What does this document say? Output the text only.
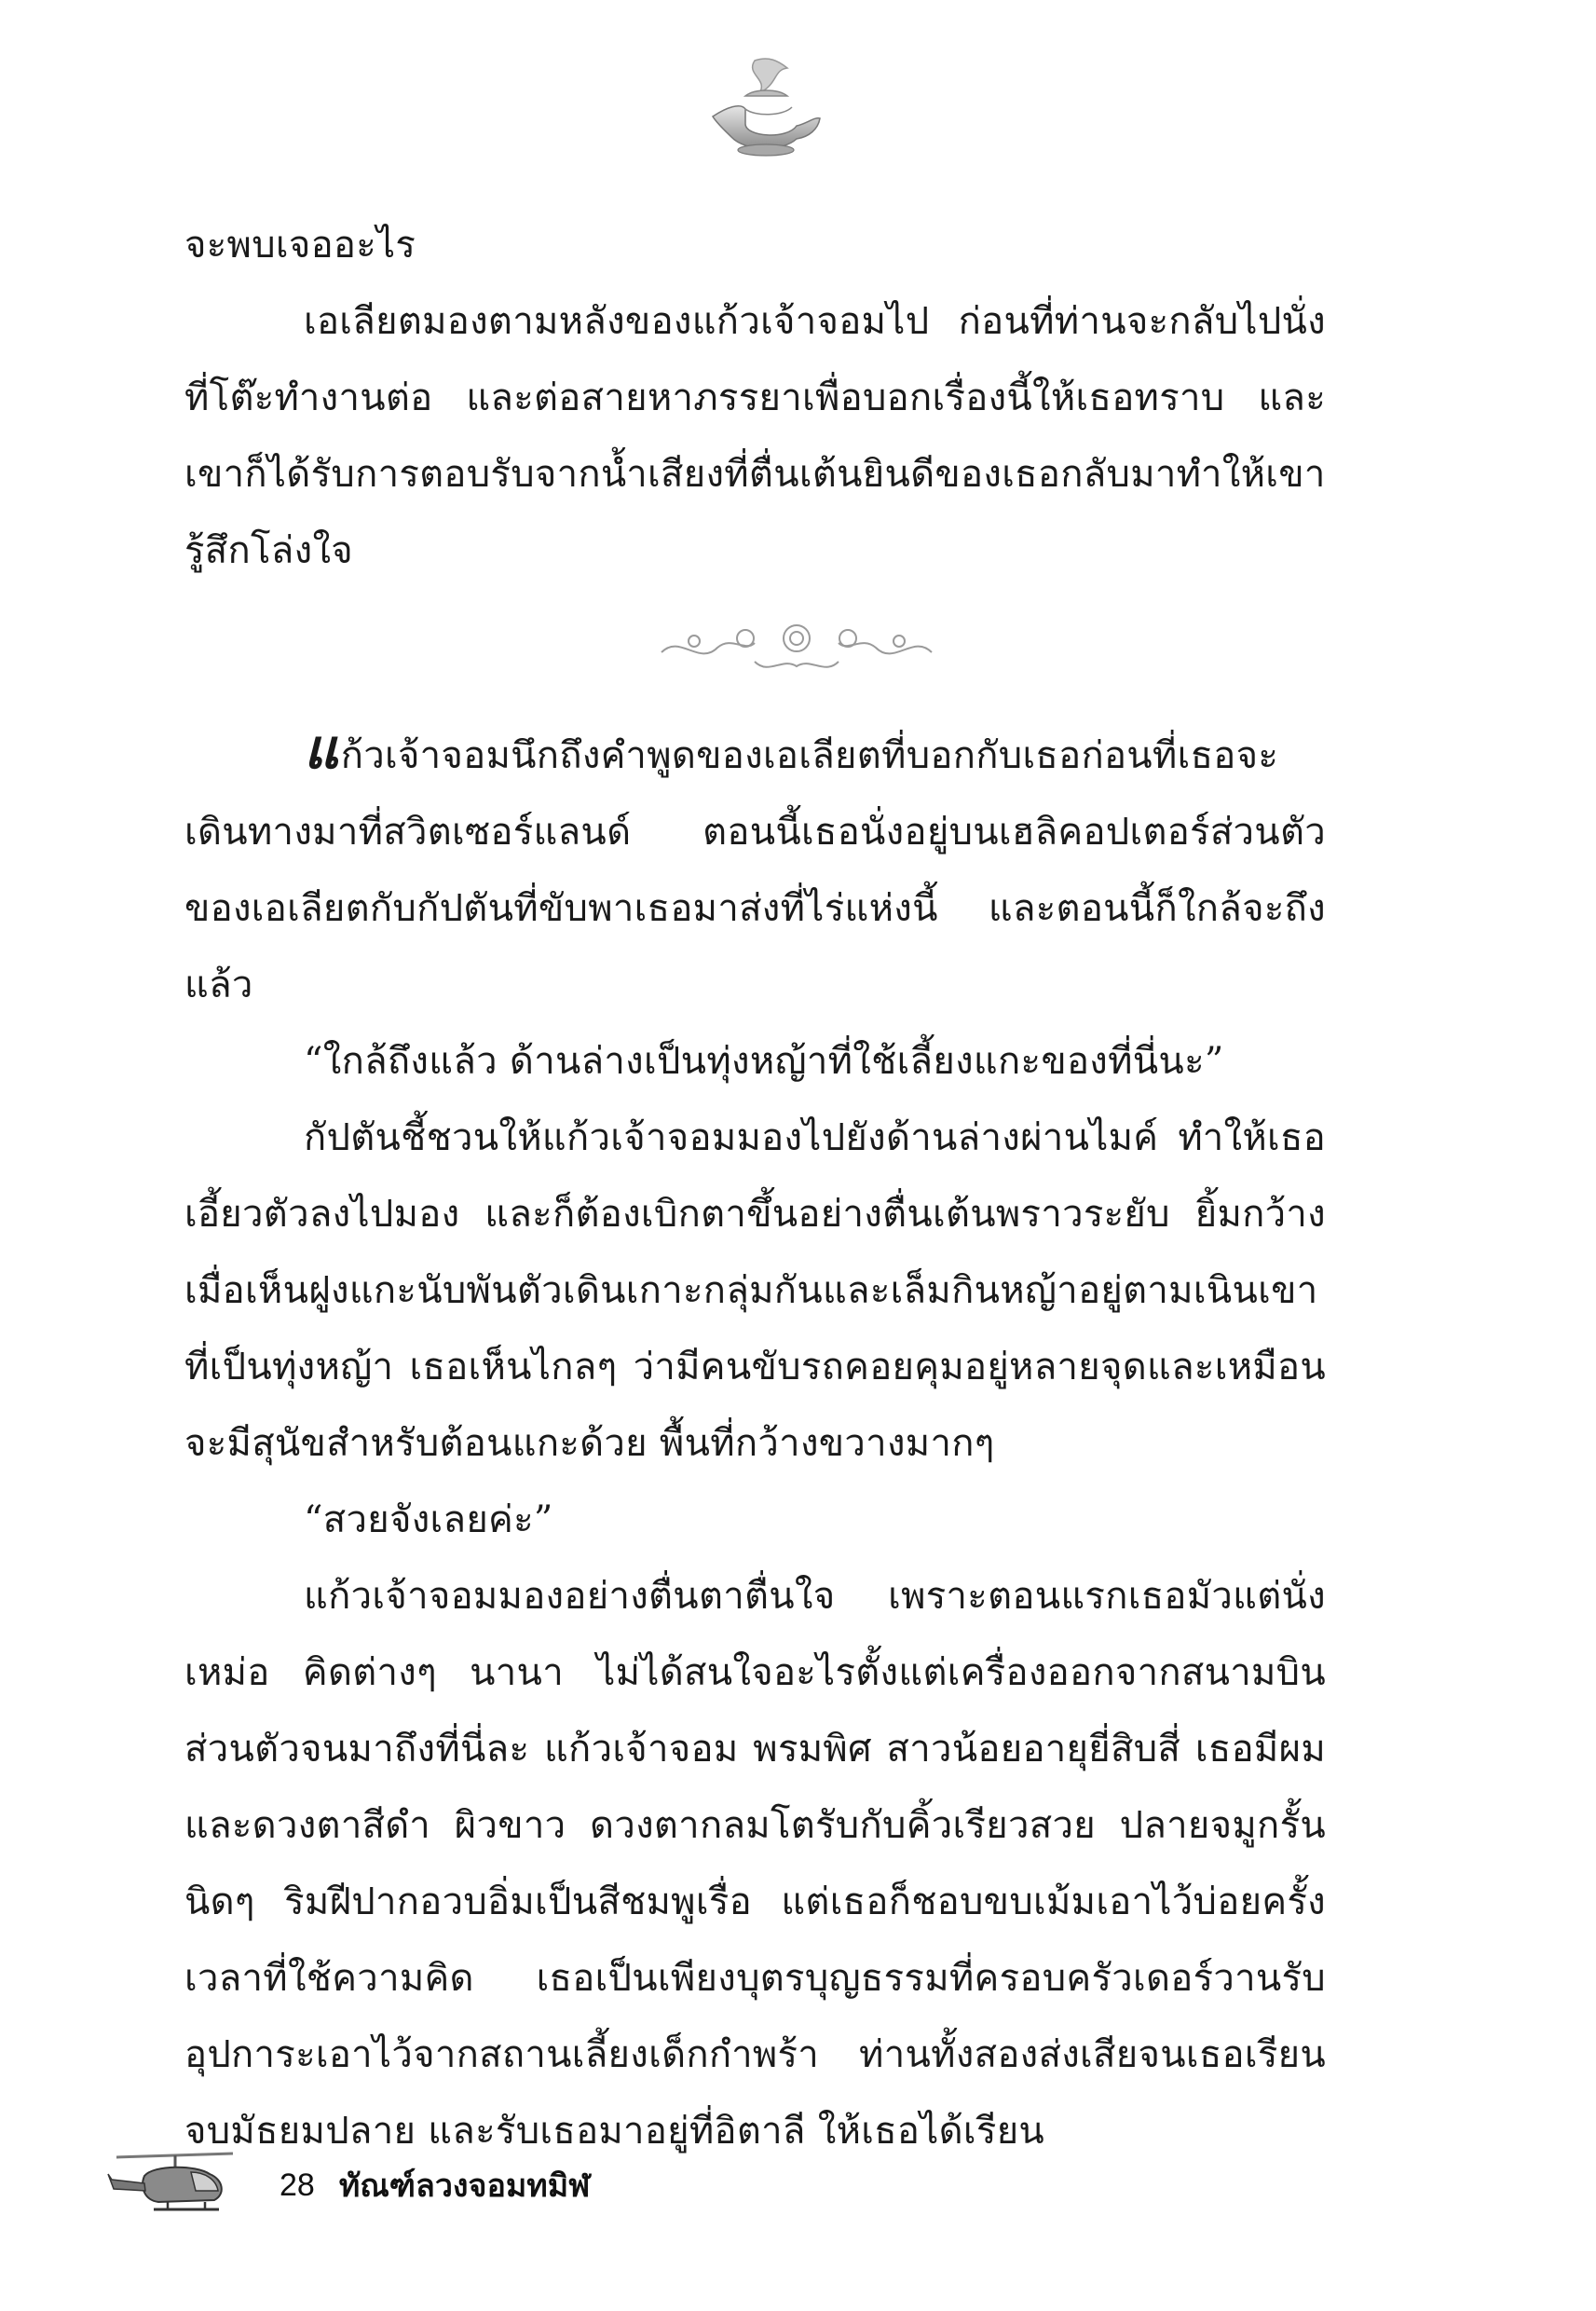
จะพบเจออะไร

เอเลียตมองตามหลังของแก้วเจ้าจอมไป ก่อนที่ท่านจะกลับไปนั่งที่โต๊ะทำงานต่อ และต่อสายหาภรรยาเพื่อบอกเรื่องนี้ให้เธอทราบ และเขาก็ได้รับการตอบรับจากน้ำเสียงที่ตื่นเต้นยินดีของเธอกลับมาทำให้เขารู้สึกโล่งใจ

แก้วเจ้าจอมนึกถึงคำพูดของเอเลียตที่บอกกับเธอก่อนที่เธอจะเดินทางมาที่สวิตเซอร์แลนด์ ตอนนี้เธอนั่งอยู่บนเฮลิคอปเตอร์ส่วนตัวของเอเลียตกับกัปตันที่ขับพาเธอมาส่งที่ไร่แห่งนี้ และตอนนี้ก็ใกล้จะถึงแล้ว

“ใกล้ถึงแล้ว ด้านล่างเป็นทุ่งหญ้าที่ใช้เลี้ยงแกะของที่นี่นะ”

กัปตันชี้ชวนให้แก้วเจ้าจอมมองไปยังด้านล่างผ่านไมค์ ทำให้เธอเอี้ยวตัวลงไปมอง และก็ต้องเบิกตาขึ้นอย่างตื่นเต้นพราวระยับ ยิ้มกว้างเมื่อเห็นฝูงแกะนับพันตัวเดินเกาะกลุ่มกันและเล็มกินหญ้าอยู่ตามเนินเขาที่เป็นทุ่งหญ้า เธอเห็นไกลๆ ว่ามีคนขับรถคอยคุมอยู่หลายจุดและเหมือนจะมีสุนัขสำหรับต้อนแกะด้วย พื้นที่กว้างขวางมากๆ

“สวยจังเลยค่ะ”

แก้วเจ้าจอมมองอย่างตื่นตาตื่นใจ เพราะตอนแรกเธอมัวแต่นั่งเหม่อ คิดต่างๆ นานา ไม่ได้สนใจอะไรตั้งแต่เครื่องออกจากสนามบินส่วนตัวจนมาถึงที่นี่ละ แก้วเจ้าจอม พรมพิศ สาวน้อยอายุยี่สิบสี่ เธอมีผมและดวงตาสีดำ ผิวขาว ดวงตากลมโตรับกับคิ้วเรียวสวย ปลายจมูกรั้นนิดๆ ริมฝีปากอวบอิ่มเป็นสีชมพูเรื่อ แต่เธอก็ชอบขบเม้มเอาไว้บ่อยครั้งเวลาที่ใช้ความคิด เธอเป็นเพียงบุตรบุญธรรมที่ครอบครัวเดอร์วานรับอุปการะเอาไว้จากสถานเลี้ยงเด็กกำพร้า ท่านทั้งสองส่งเสียจนเธอเรียนจบมัธยมปลาย และรับเธอมาอยู่ที่อิตาลี ให้เธอได้เรียน

28 ทัณฑ์ลวงจอมทมิฬ
